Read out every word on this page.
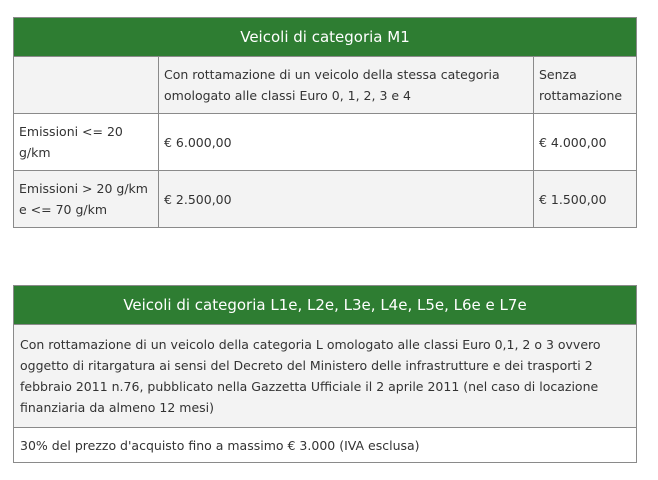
Veicoli di categoria M1		
	Con rottamazione di un veicolo della stessa categoria omologato alle classi Euro 0, 1, 2, 3 e 4	Senza rottamazione
Emissioni <= 20 g/km	€ 6.000,00	€ 4.000,00
Emissioni > 20 g/km e <= 70 g/km	€ 2.500,00	€ 1.500,00
Veicoli di categoria L1e, L2e, L3e, L4e, L5e, L6e e L7e
Con rottamazione di un veicolo della categoria L omologato alle classi Euro 0,1, 2 o 3 ovvero oggetto di ritargatura ai sensi del Decreto del Ministero delle infrastrutture e dei trasporti 2 febbraio 2011 n.76, pubblicato nella Gazzetta Ufficiale il 2 aprile 2011 (nel caso di locazione finanziaria da almeno 12 mesi)
30% del prezzo d'acquisto fino a massimo € 3.000 (IVA esclusa)
